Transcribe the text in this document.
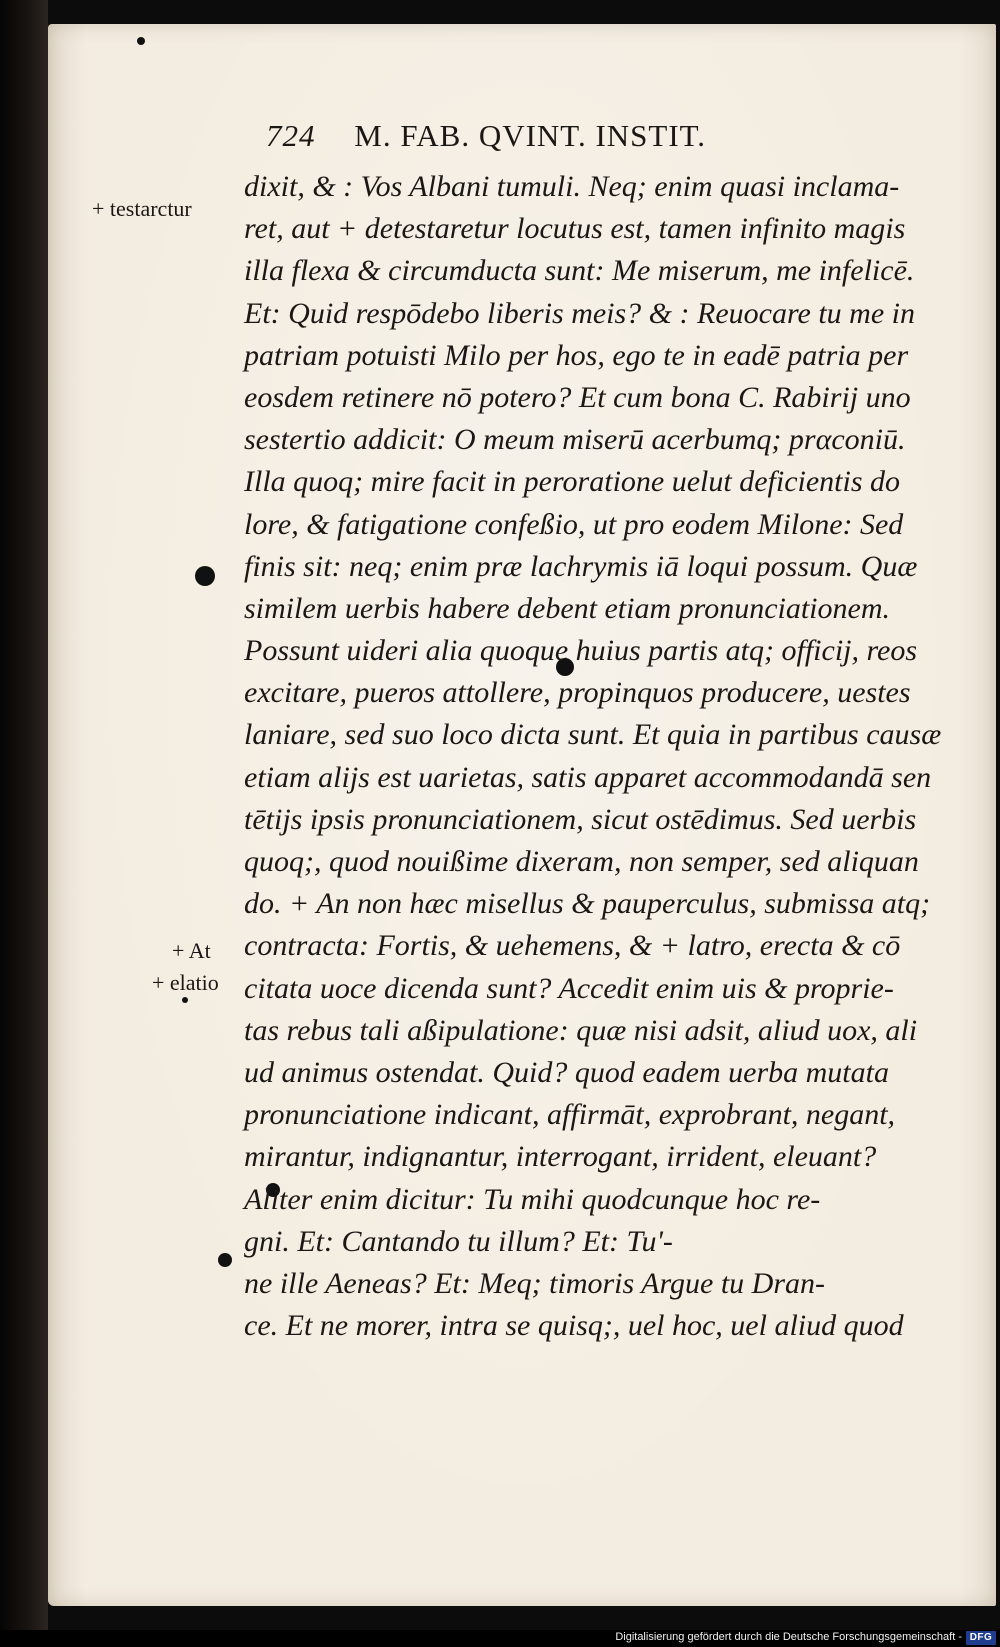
724 M. FAB. QVINT. INSTIT.
+ testarctur
+ At
+ elatio
dixit, & : Vos Albani tumuli. Neq; enim quasi inclama-
ret, aut + detestaretur locutus est, tamen infinito magis
illa flexa & circumducta sunt: Me miserum, me infelicē.
Et: Quid respōdebo liberis meis? & : Reuocare tu me in
patriam potuisti Milo per hos, ego te in eadē patria per
eosdem retinere nō potero? Et cum bona C. Rabirij uno
sestertio addicit: O meum miserū acerbumq; prαconiū.
Illa quoq; mire facit in peroratione uelut deficientis do
lore, & fatigatione confeßio, ut pro eodem Milone: Sed
finis sit: neq; enim præ lachrymis iā loqui possum. Quæ
similem uerbis habere debent etiam pronunciationem.
Possunt uideri alia quoque huius partis atq; officij, reos
excitare, pueros attollere, propinquos producere, uestes
laniare, sed suo loco dicta sunt. Et quia in partibus causæ
etiam alijs est uarietas, satis apparet accommodandā sen
tētijs ipsis pronunciationem, sicut ostēdimus. Sed uerbis
quoq;, quod nouißime dixeram, non semper, sed aliquan
do. + An non hæc misellus & pauperculus, submissa atq;
contracta: Fortis, & uehemens, & + latro, erecta & cō
citata uoce dicenda sunt? Accedit enim uis & proprie-
tas rebus tali aßipulatione: quæ nisi adsit, aliud uox, ali
ud animus ostendat. Quid? quod eadem uerba mutata
pronunciatione indicant, affirmāt, exprobrant, negant,
mirantur, indignantur, interrogant, irrident, eleuant?
Aliter enim dicitur: Tu mihi quodcunque hoc re-
gni. Et: Cantando tu illum? Et: Tu'-
ne ille Aeneas? Et: Meq; timoris Argue tu Dran-
ce. Et ne morer, intra se quisq;, uel hoc, uel aliud quod
Digitalisierung gefördert durch die Deutsche Forschungsgemeinschaft - DFG
